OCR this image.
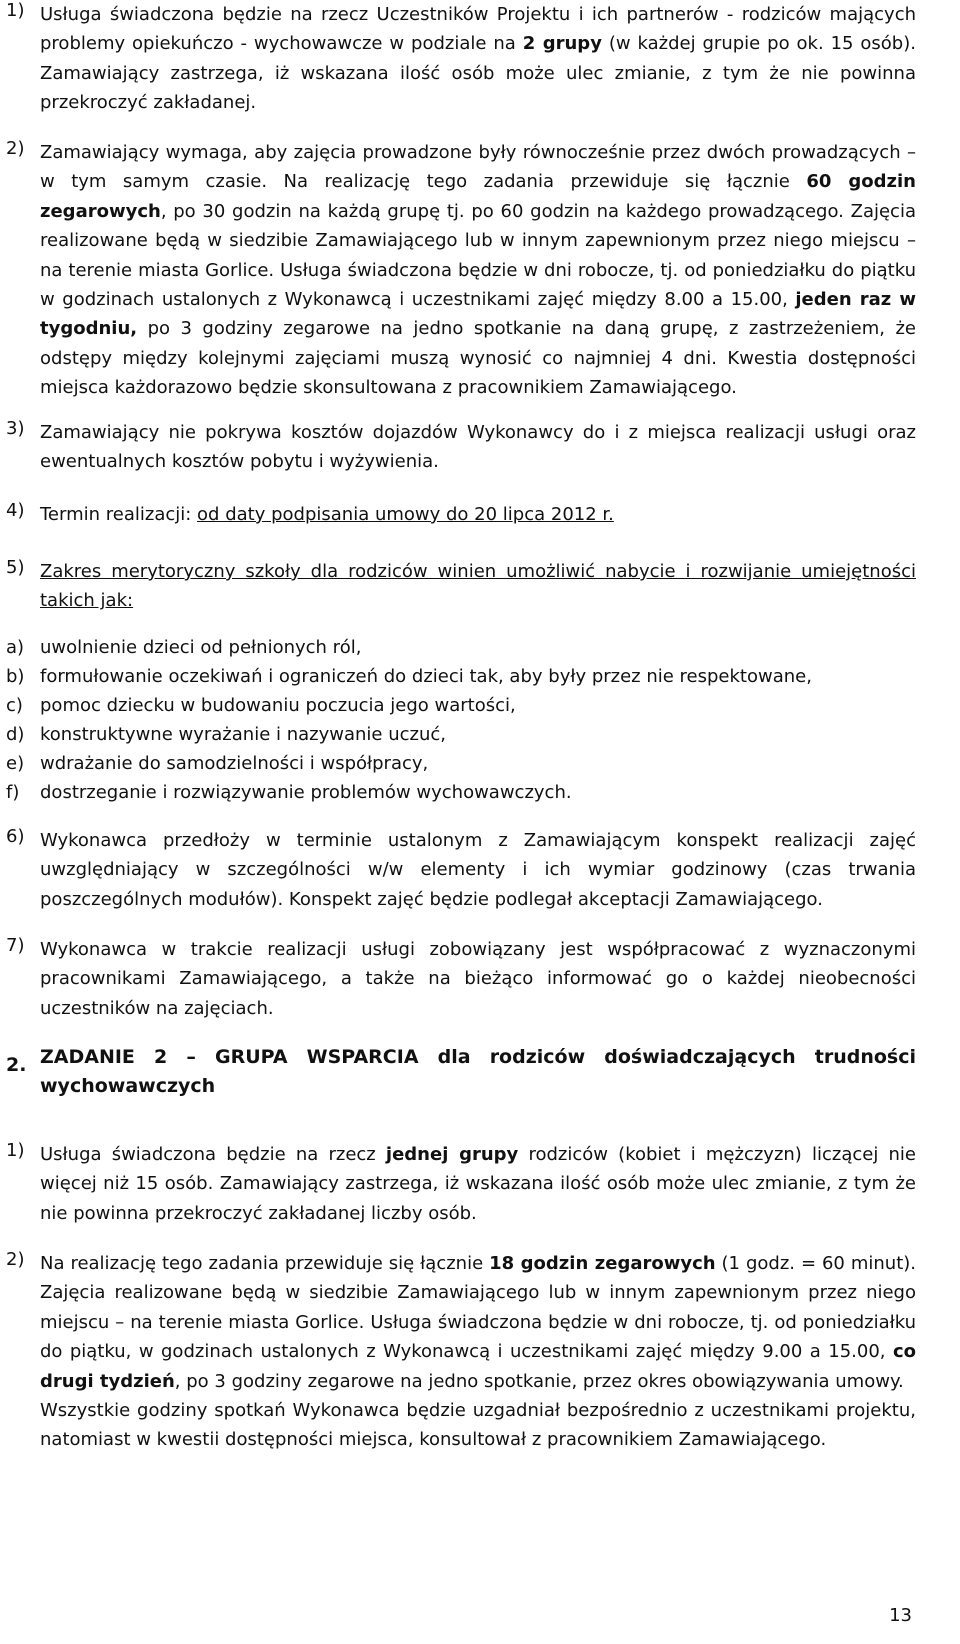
1) Usługa świadczona będzie na rzecz Uczestników Projektu i ich partnerów - rodziców mających problemy opiekuńczo - wychowawcze w podziale na 2 grupy (w każdej grupie po ok. 15 osób). Zamawiający zastrzega, iż wskazana ilość osób może ulec zmianie, z tym że nie powinna przekroczyć zakładanej.
2) Zamawiający wymaga, aby zajęcia prowadzone były równocześnie przez dwóch prowadzących – w tym samym czasie. Na realizację tego zadania przewiduje się łącznie 60 godzin zegarowych, po 30 godzin na każdą grupę tj. po 60 godzin na każdego prowadzącego. Zajęcia realizowane będą w siedzibie Zamawiającego lub w innym zapewnionym przez niego miejscu – na terenie miasta Gorlice. Usługa świadczona będzie w dni robocze, tj. od poniedziałku do piątku w godzinach ustalonych z Wykonawcą i uczestnikami zajęć między 8.00 a 15.00, jeden raz w tygodniu, po 3 godziny zegarowe na jedno spotkanie na daną grupę, z zastrzeżeniem, że odstępy między kolejnymi zajęciami muszą wynosić co najmniej 4 dni. Kwestia dostępności miejsca każdorazowo będzie skonsultowana z pracownikiem Zamawiającego.
3) Zamawiający nie pokrywa kosztów dojazdów Wykonawcy do i z miejsca realizacji usługi oraz ewentualnych kosztów pobytu i wyżywienia.
4) Termin realizacji: od daty podpisania umowy do 20 lipca 2012 r.
5) Zakres merytoryczny szkoły dla rodziców winien umożliwić nabycie i rozwijanie umiejętności takich jak:
a) uwolnienie dzieci od pełnionych ról,
b) formułowanie oczekiwań i ograniczeń do dzieci tak, aby były przez nie respektowane,
c) pomoc dziecku w budowaniu poczucia jego wartości,
d) konstruktywne wyrażanie i nazywanie uczuć,
e) wdrażanie do samodzielności i współpracy,
f) dostrzeganie i rozwiązywanie problemów wychowawczych.
6) Wykonawca przedłoży w terminie ustalonym z Zamawiającym konspekt realizacji zajęć uwzględniający w szczególności w/w elementy i ich wymiar godzinowy (czas trwania poszczególnych modułów). Konspekt zajęć będzie podlegał akceptacji Zamawiającego.
7) Wykonawca w trakcie realizacji usługi zobowiązany jest współpracować z wyznaczonymi pracownikami Zamawiającego, a także na bieżąco informować go o każdej nieobecności uczestników na zajęciach.
2. ZADANIE 2 – GRUPA WSPARCIA dla rodziców doświadczających trudności wychowawczych
1) Usługa świadczona będzie na rzecz jednej grupy rodziców (kobiet i mężczyzn) liczącej nie więcej niż 15 osób. Zamawiający zastrzega, iż wskazana ilość osób może ulec zmianie, z tym że nie powinna przekroczyć zakładanej liczby osób.
2) Na realizację tego zadania przewiduje się łącznie 18 godzin zegarowych (1 godz. = 60 minut). Zajęcia realizowane będą w siedzibie Zamawiającego lub w innym zapewnionym przez niego miejscu – na terenie miasta Gorlice. Usługa świadczona będzie w dni robocze, tj. od poniedziałku do piątku, w godzinach ustalonych z Wykonawcą i uczestnikami zajęć między 9.00 a 15.00, co drugi tydzień, po 3 godziny zegarowe na jedno spotkanie, przez okres obowiązywania umowy.
Wszystkie godziny spotkań Wykonawca będzie uzgadniał bezpośrednio z uczestnikami projektu, natomiast w kwestii dostępności miejsca, konsultował z pracownikiem Zamawiającego.
13
